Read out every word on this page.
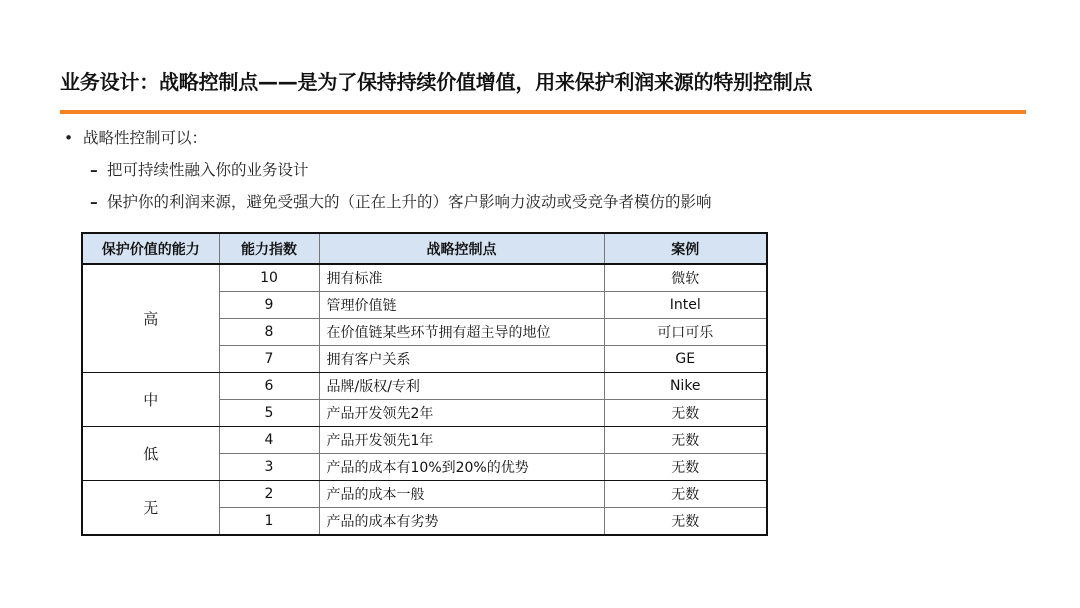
业务设计：战略控制点——是为了保持持续价值增值，用来保护利润来源的特别控制点
• 战略性控制可以：
– 把可持续性融入你的业务设计
– 保护你的利润来源，避免受强大的（正在上升的）客户影响力波动或受竞争者模仿的影响
保护价值的能力	能力指数	战略控制点	案例
高	10	拥有标准	微软
	9	管理价值链	Intel
	8	在价值链某些环节拥有超主导的地位	可口可乐
	7	拥有客户关系	GE
中	6	品牌/版权/专利	Nike
	5	产品开发领先2年	无数
低	4	产品开发领先1年	无数
	3	产品的成本有10%到20%的优势	无数
无	2	产品的成本一般	无数
	1	产品的成本有劣势	无数
